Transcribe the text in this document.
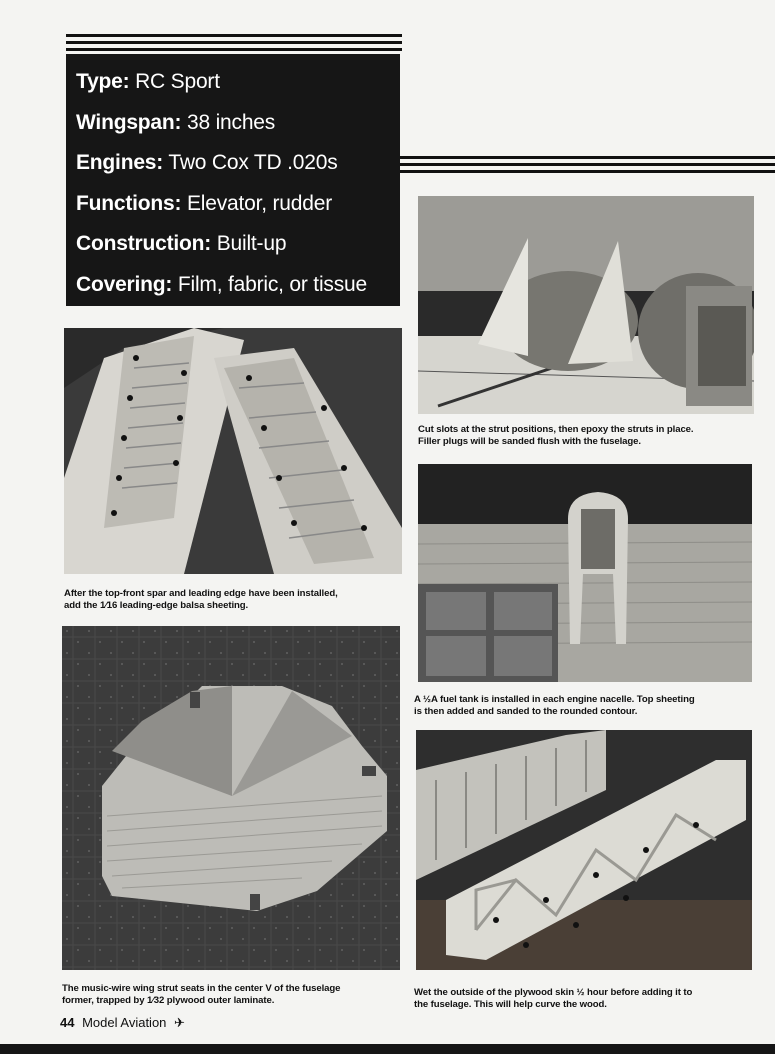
Type: RC Sport
Wingspan: 38 inches
Engines: Two Cox TD .020s
Functions: Elevator, rudder
Construction: Built-up
Covering: Film, fabric, or tissue
After the top-front spar and leading edge have been installed,
add the 1⁄16 leading-edge balsa sheeting.
The music-wire wing strut seats in the center V of the fuselage
former, trapped by 1⁄32 plywood outer laminate.
Cut slots at the strut positions, then epoxy the struts in place.
Filler plugs will be sanded flush with the fuselage.
A ½A fuel tank is installed in each engine nacelle. Top sheeting
is then added and sanded to the rounded contour.
Wet the outside of the plywood skin ½ hour before adding it to
the fuselage. This will help curve the wood.
44 Model Aviation ✈
